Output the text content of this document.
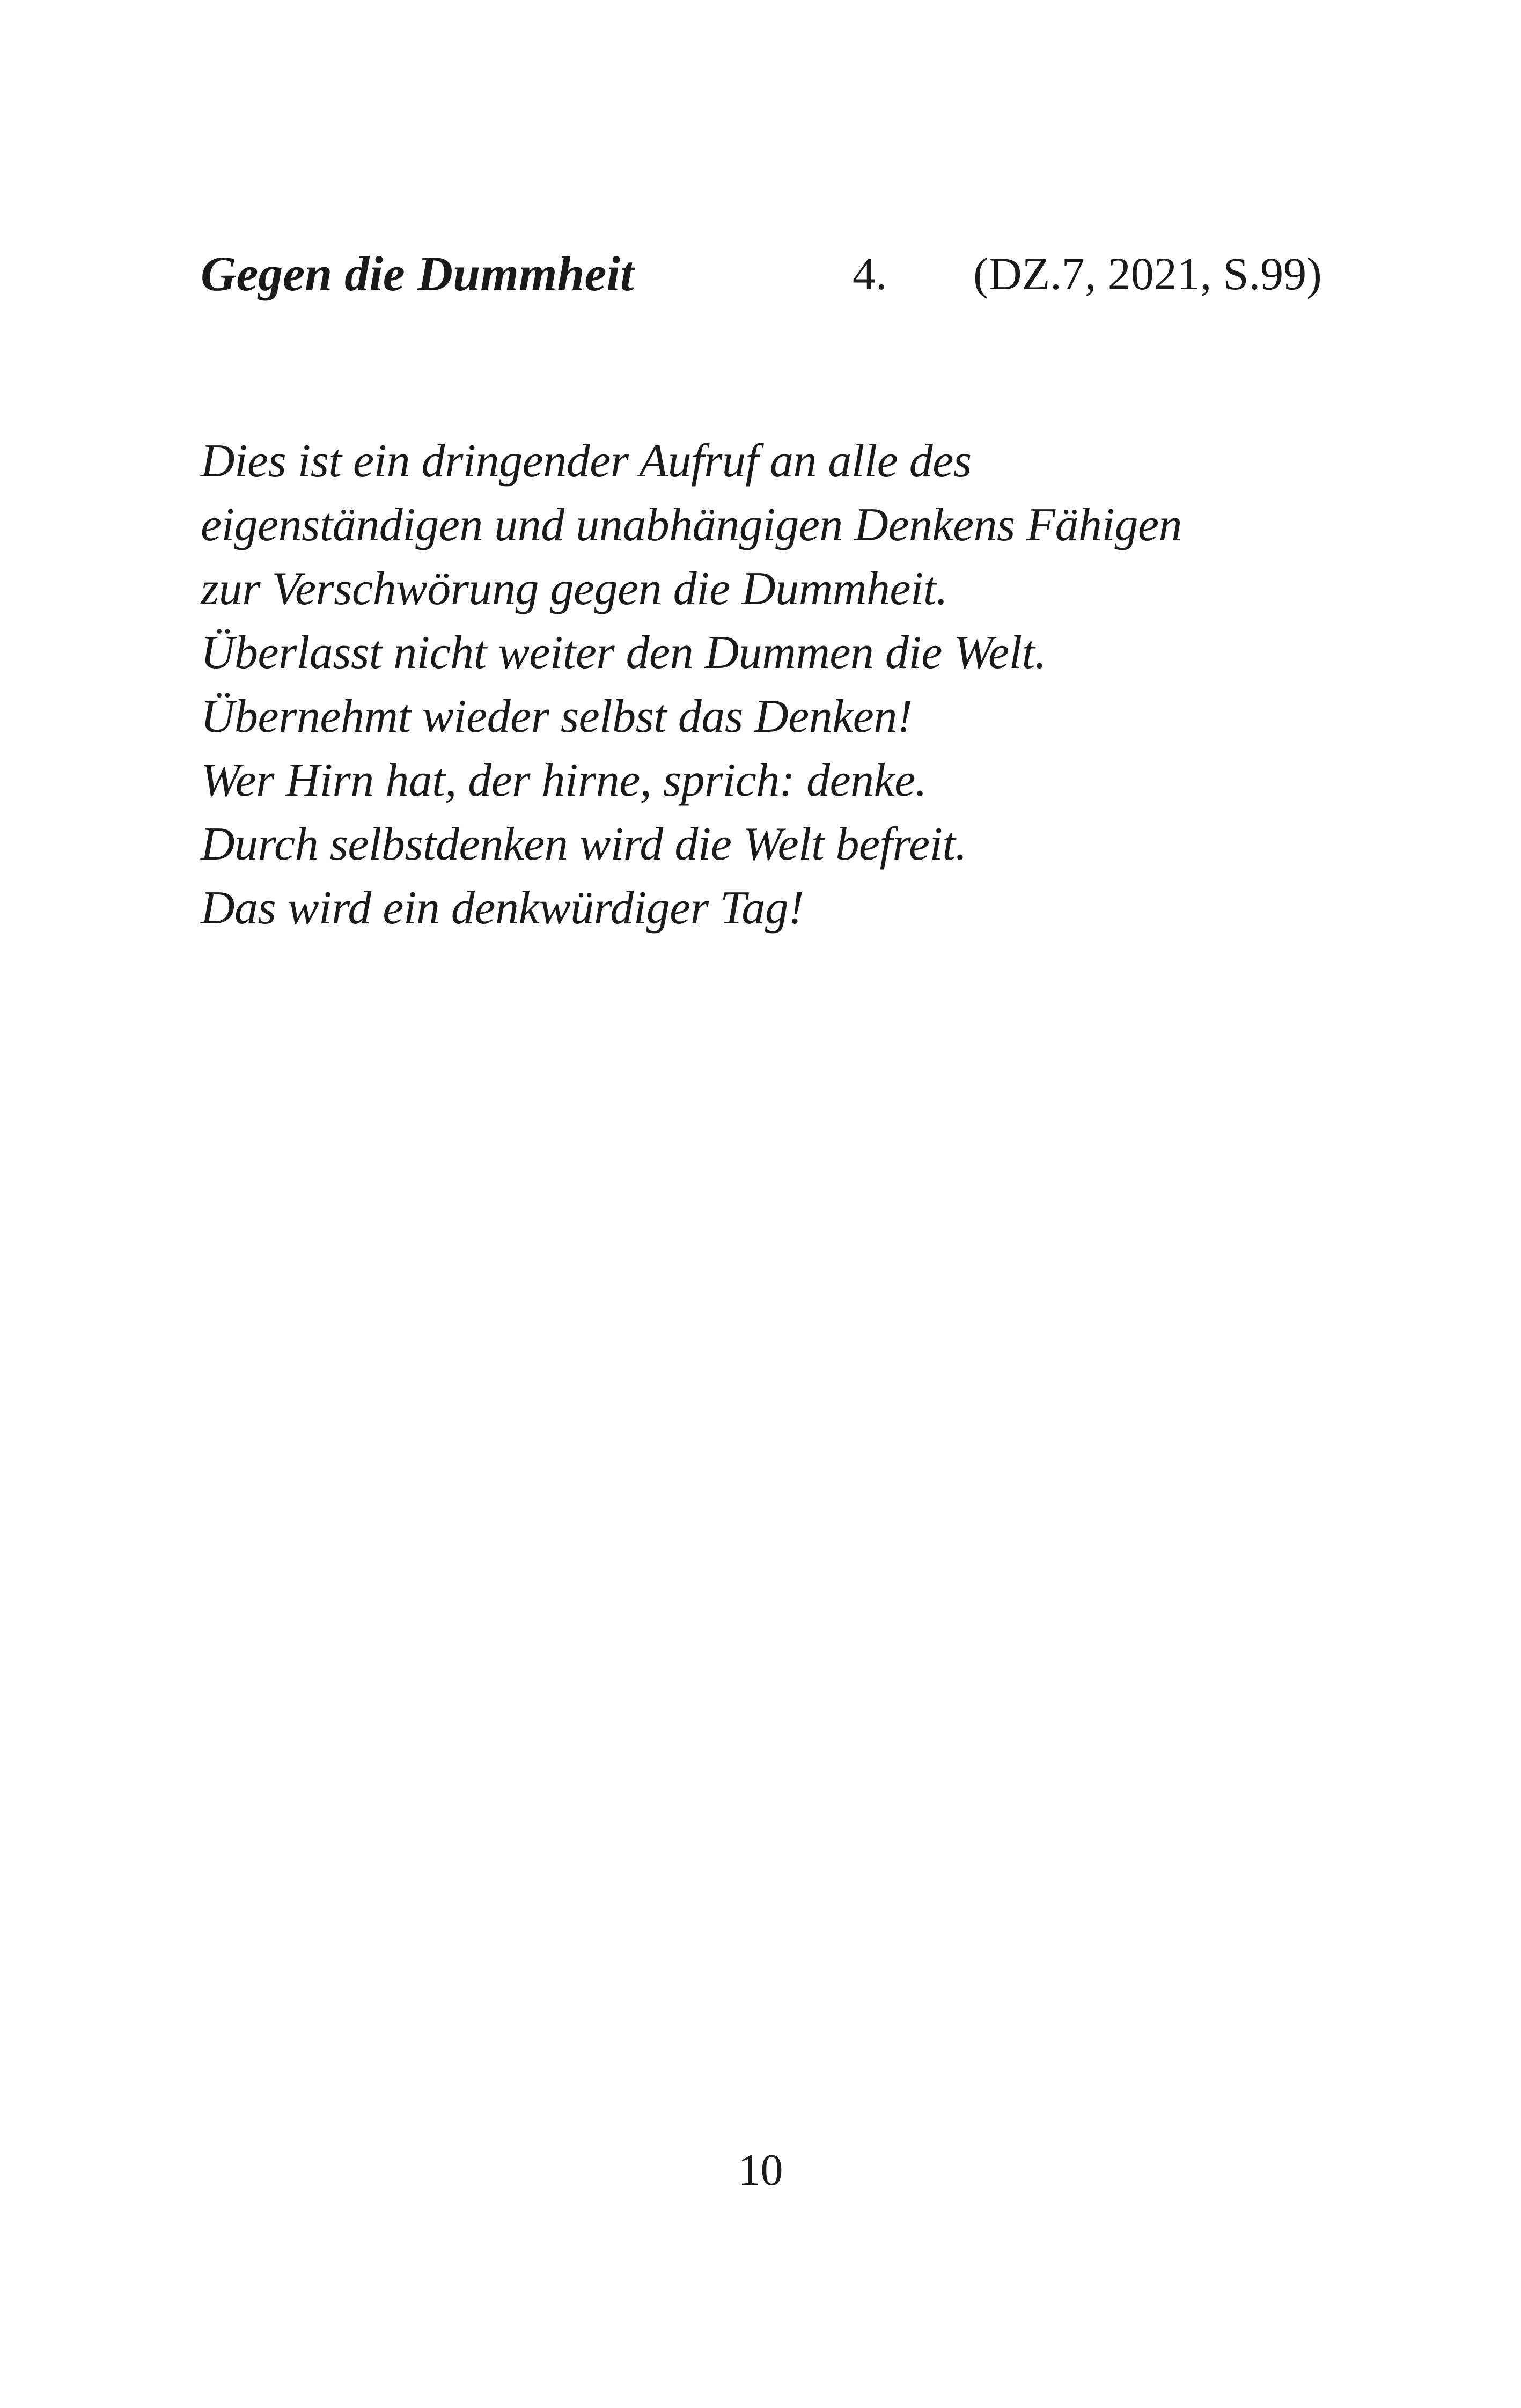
Gegen die Dummheit	4. (DZ.7, 2021, S.99)
Dies ist ein dringender Aufruf an alle des
eigenständigen und unabhängigen Denkens Fähigen
zur Verschwörung gegen die Dummheit.
Überlasst nicht weiter den Dummen die Welt.
Übernehmt wieder selbst das Denken!
Wer Hirn hat, der hirne, sprich: denke.
Durch selbstdenken wird die Welt befreit.
Das wird ein denkwürdiger Tag!
10
